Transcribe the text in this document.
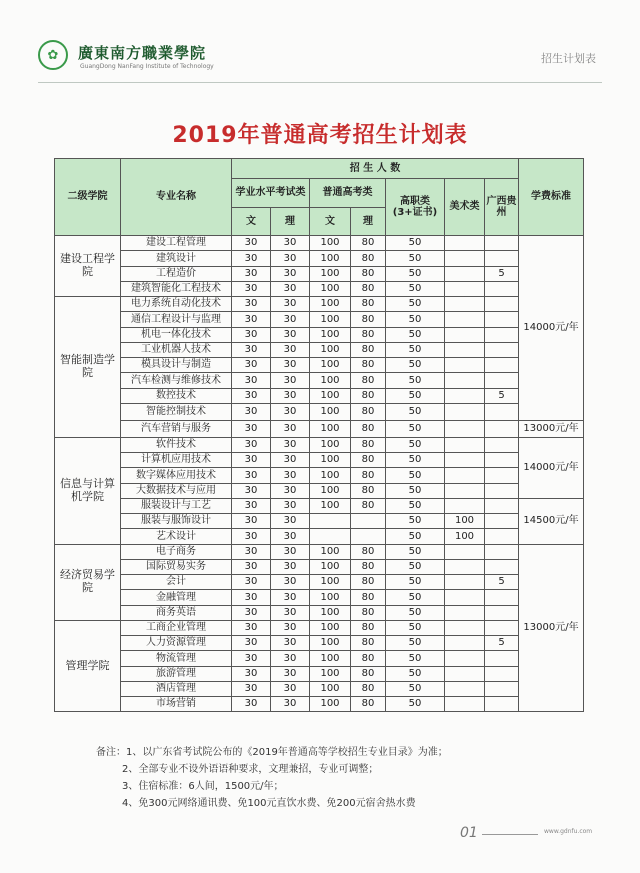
✿	廣東南方職業學院
GuangDong NanFang Institute of Technology
招生计划表
2019年普通高考招生计划表
二级学院	专业名称	招 生 人 数							学费标准
		学业水平考试类		普通高考类		高职类(3+证书)	美术类	广西贵州	
		文	理	文	理				
建设工程学院	建设工程管理	30	30	100	80	50			14000元/年
	建筑设计	30	30	100	80	50			
	工程造价	30	30	100	80	50		5	
	建筑智能化工程技术	30	30	100	80	50			
智能制造学院	电力系统自动化技术	30	30	100	80	50			
	通信工程设计与监理	30	30	100	80	50			
	机电一体化技术	30	30	100	80	50			
	工业机器人技术	30	30	100	80	50			
	模具设计与制造	30	30	100	80	50			
	汽车检测与维修技术	30	30	100	80	50			
	数控技术	30	30	100	80	50		5	
	智能控制技术	30	30	100	80	50			
	汽车营销与服务	30	30	100	80	50			13000元/年
信息与计算机学院	软件技术	30	30	100	80	50			14000元/年
	计算机应用技术	30	30	100	80	50			
	数字媒体应用技术	30	30	100	80	50			
	大数据技术与应用	30	30	100	80	50			
	服装设计与工艺	30	30	100	80	50			14500元/年
	服装与服饰设计	30	30			50	100		
	艺术设计	30	30			50	100		
经济贸易学院	电子商务	30	30	100	80	50			13000元/年
	国际贸易实务	30	30	100	80	50			
	会计	30	30	100	80	50		5	
	金融管理	30	30	100	80	50			
	商务英语	30	30	100	80	50			
管理学院	工商企业管理	30	30	100	80	50			
	人力资源管理	30	30	100	80	50		5	
	物流管理	30	30	100	80	50			
	旅游管理	30	30	100	80	50			
	酒店管理	30	30	100	80	50			
	市场营销	30	30	100	80	50			
备注：1、以广东省考试院公布的《2019年普通高等学校招生专业目录》为准；
2、全部专业不设外语语种要求，文理兼招，专业可调整；
3、住宿标准：6人间，1500元/年；
4、免300元网络通讯费、免100元直饮水费、免200元宿舍热水费
01	www.gdnfu.com
